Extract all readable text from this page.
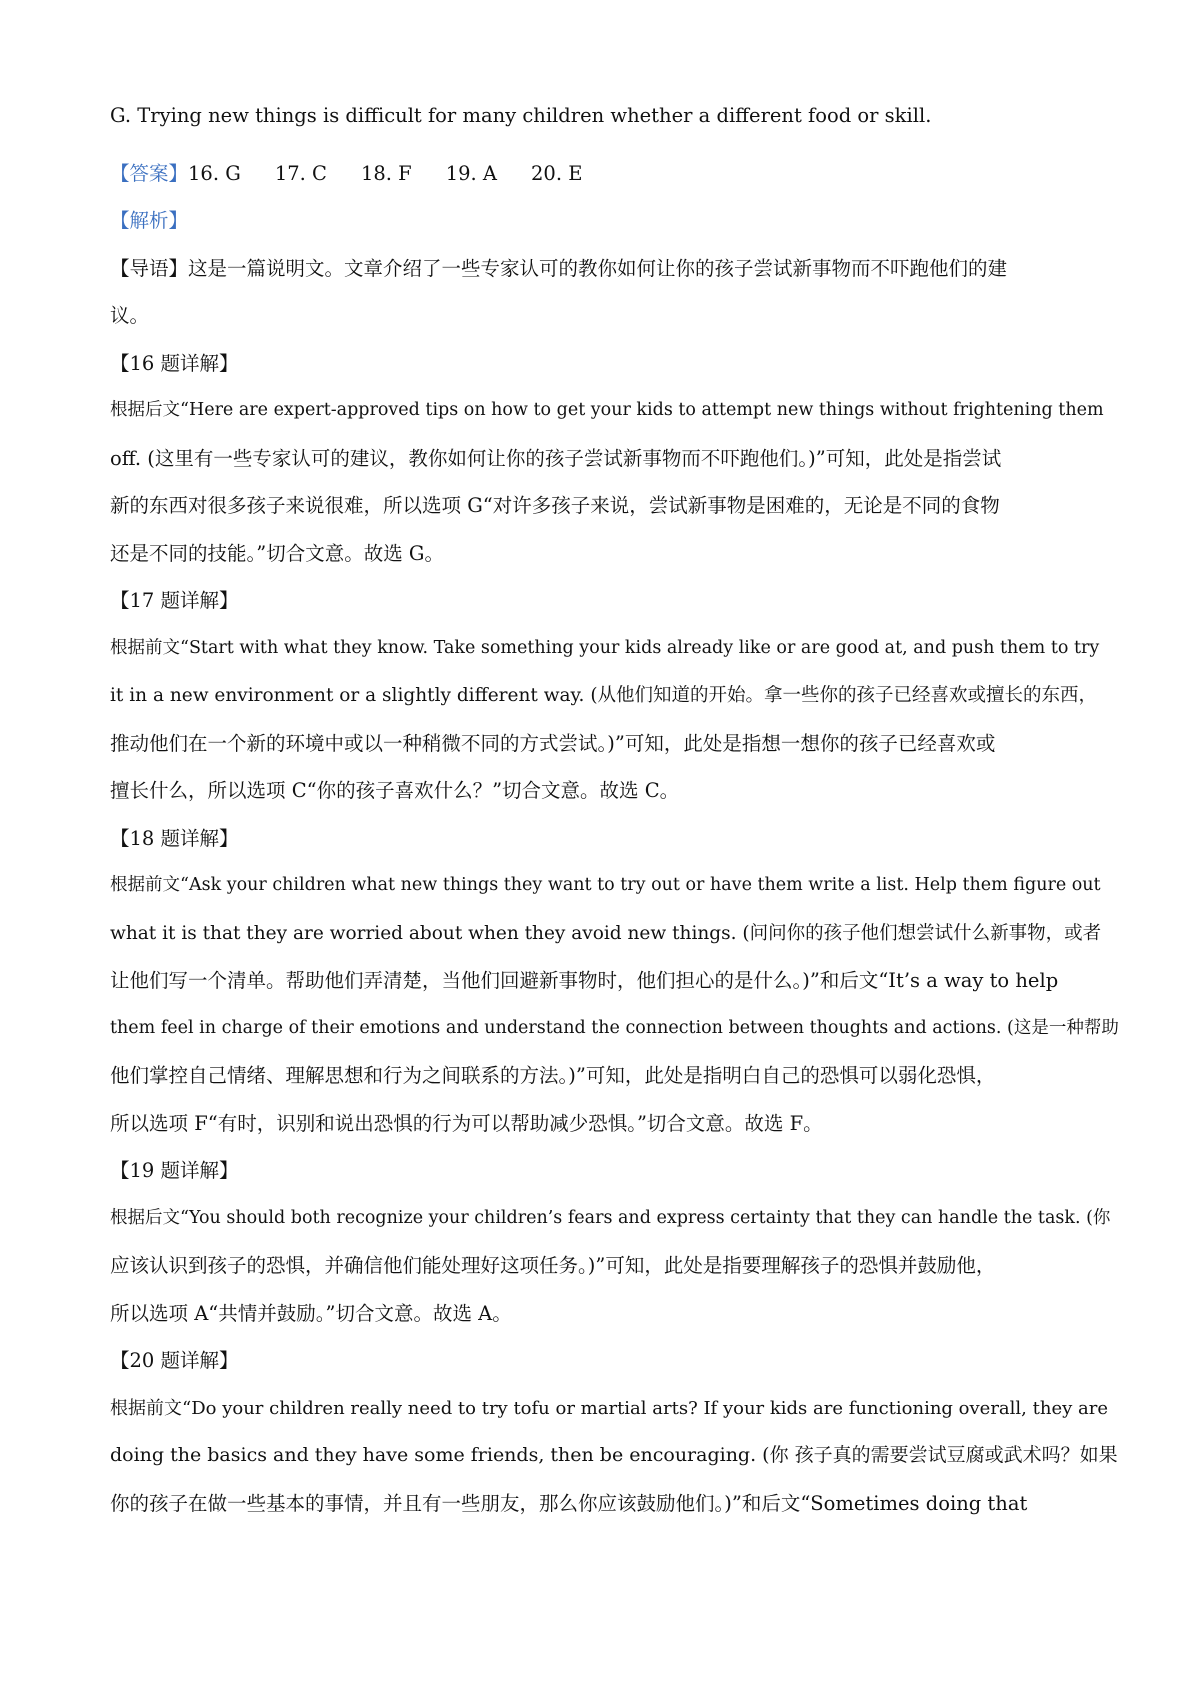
G. Trying new things is difficult for many children whether a different food or skill.
【答案】16. G 17. C 18. F 19. A 20. E
【解析】
【导语】这是一篇说明文。文章介绍了一些专家认可的教你如何让你的孩子尝试新事物而不吓跑他们的建
议。
【16 题详解】
根据后文“Here are expert-approved tips on how to get your kids to attempt new things without frightening them
off. (这里有一些专家认可的建议，教你如何让你的孩子尝试新事物而不吓跑他们。)”可知，此处是指尝试
新的东西对很多孩子来说很难，所以选项 G“对许多孩子来说，尝试新事物是困难的，无论是不同的食物
还是不同的技能。”切合文意。故选 G。
【17 题详解】
根据前文“Start with what they know. Take something your kids already like or are good at, and push them to try
it in a new environment or a slightly different way. (从他们知道的开始。拿一些你的孩子已经喜欢或擅长的东西，
推动他们在一个新的环境中或以一种稍微不同的方式尝试。)”可知，此处是指想一想你的孩子已经喜欢或
擅长什么，所以选项 C“你的孩子喜欢什么？”切合文意。故选 C。
【18 题详解】
根据前文“Ask your children what new things they want to try out or have them write a list. Help them figure out
what it is that they are worried about when they avoid new things. (问问你的孩子他们想尝试什么新事物，或者
让他们写一个清单。帮助他们弄清楚，当他们回避新事物时，他们担心的是什么。)”和后文“It’s a way to help
them feel in charge of their emotions and understand the connection between thoughts and actions. (这是一种帮助
他们掌控自己情绪、理解思想和行为之间联系的方法。)”可知，此处是指明白自己的恐惧可以弱化恐惧，
所以选项 F“有时，识别和说出恐惧的行为可以帮助减少恐惧。”切合文意。故选 F。
【19 题详解】
根据后文“You should both recognize your children’s fears and express certainty that they can handle the task. (你
应该认识到孩子的恐惧，并确信他们能处理好这项任务。)”可知，此处是指要理解孩子的恐惧并鼓励他，
所以选项 A“共情并鼓励。”切合文意。故选 A。
【20 题详解】
根据前文“Do your children really need to try tofu or martial arts? If your kids are functioning overall, they are
doing the basics and they have some friends, then be encouraging. (你 孩子真的需要尝试豆腐或武术吗？如果
你的孩子在做一些基本的事情，并且有一些朋友，那么你应该鼓励他们。)”和后文“Sometimes doing that
